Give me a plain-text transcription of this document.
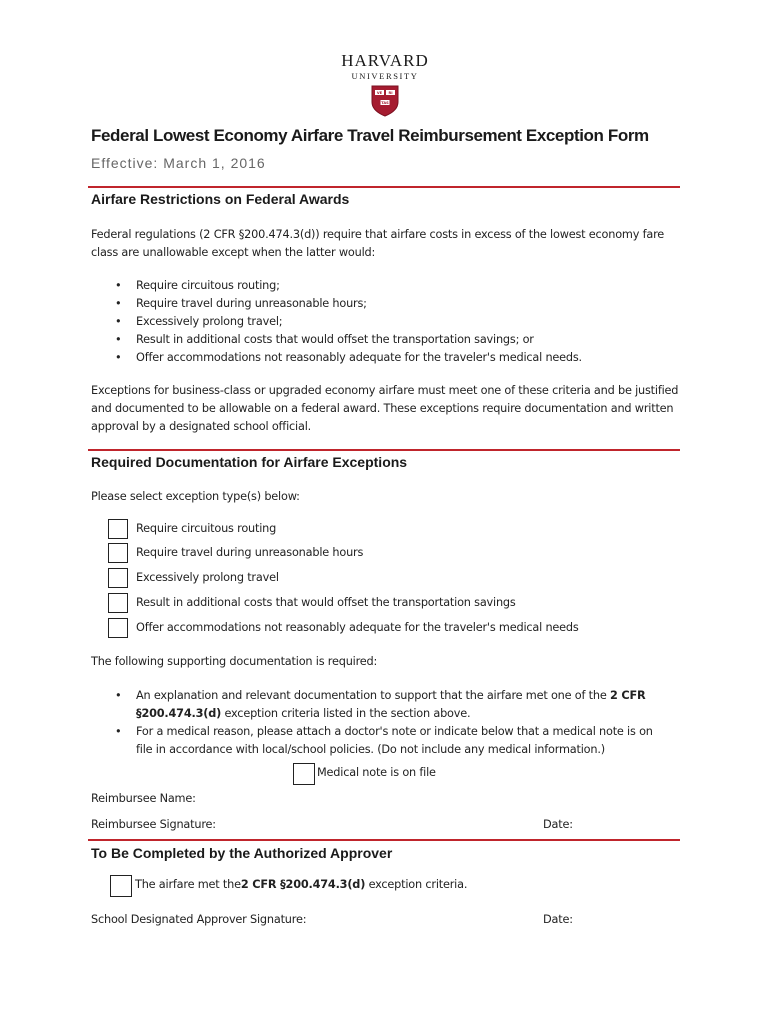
HARVARD
UNIVERSITY
VE RI
TAS
Federal Lowest Economy Airfare Travel Reimbursement Exception Form
Effective: March 1, 2016
Airfare Restrictions on Federal Awards
Federal regulations (2 CFR §200.474.3(d)) require that airfare costs in excess of the lowest economy fare class are unallowable except when the latter would:
• Require circuitous routing;
• Require travel during unreasonable hours;
• Excessively prolong travel;
• Result in additional costs that would offset the transportation savings; or
• Offer accommodations not reasonably adequate for the traveler's medical needs.
Exceptions for business-class or upgraded economy airfare must meet one of these criteria and be justified and documented to be allowable on a federal award. These exceptions require documentation and written approval by a designated school official.
Required Documentation for Airfare Exceptions
Please select exception type(s) below:
Require circuitous routing
Require travel during unreasonable hours
Excessively prolong travel
Result in additional costs that would offset the transportation savings
Offer accommodations not reasonably adequate for the traveler's medical needs
The following supporting documentation is required:
• An explanation and relevant documentation to support that the airfare met one of the 2 CFR §200.474.3(d) exception criteria listed in the section above.
• For a medical reason, please attach a doctor's note or indicate below that a medical note is on file in accordance with local/school policies. (Do not include any medical information.)
Medical note is on file
Reimbursee Name:
Reimbursee Signature:	Date:
To Be Completed by the Authorized Approver
The airfare met the2 CFR §200.474.3(d) exception criteria.
School Designated Approver Signature:	Date:
